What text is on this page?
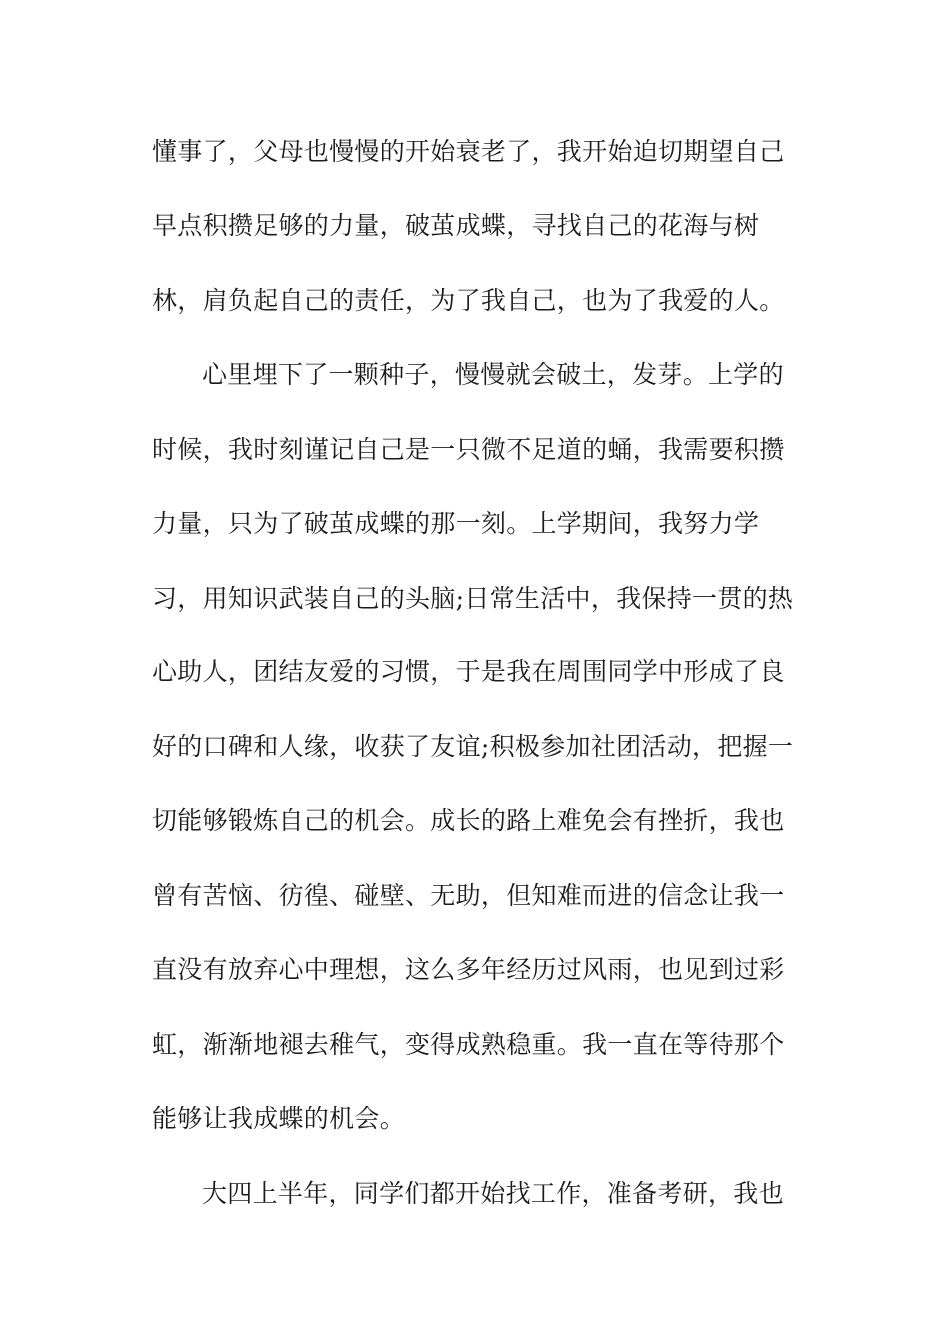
懂事了，父母也慢慢的开始衰老了，我开始迫切期望自己
早点积攒足够的力量，破茧成蝶，寻找自己的花海与树
林，肩负起自己的责任，为了我自己，也为了我爱的人。
心里埋下了一颗种子，慢慢就会破土，发芽。上学的
时候，我时刻谨记自己是一只微不足道的蛹，我需要积攒
力量，只为了破茧成蝶的那一刻。上学期间，我努力学
习，用知识武装自己的头脑;日常生活中，我保持一贯的热
心助人，团结友爱的习惯，于是我在周围同学中形成了良
好的口碑和人缘，收获了友谊;积极参加社团活动，把握一
切能够锻炼自己的机会。成长的路上难免会有挫折，我也
曾有苦恼、彷徨、碰壁、无助，但知难而进的信念让我一
直没有放弃心中理想，这么多年经历过风雨，也见到过彩
虹，渐渐地褪去稚气，变得成熟稳重。我一直在等待那个
能够让我成蝶的机会。
大四上半年，同学们都开始找工作，准备考研，我也
